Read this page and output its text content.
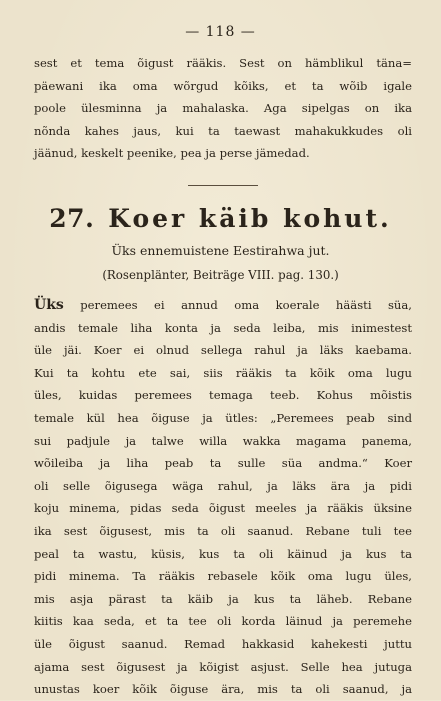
— 118 —
sest et tema õigust rääkis. Sest on hämblikul täna=
päewani ika oma wõrgud kõiks, et ta wõib igale
poole ülesminna ja mahalaskа. Aga sipelgas on ika
nõnda kahes jaus, kui ta taewast mahakukkudes oli
jäänud, keskelt peenike, pea ja perse jämedad.
27. Koer käib kohut.
Üks ennemuistene Eestirahwa jut.
(Rosenplänter, Beiträge VIII. pag. 130.)
Üks peremees ei annud oma koerale häästi süa,
andis temale liha konta ja seda leiba, mis inimestest
üle jäi. Koer ei olnud sellega rahul ja läks kaebama.
Kui ta kohtu ete sai, siis rääkis ta kõik oma lugu
üles, kuidas peremees temaga teeb. Kohus mõistis
temale kül hea õiguse ja ütles: „Peremees peab sind
sui padjule ja talwe willa wakka magama panema,
wõileiba ja liha peab ta sulle süa andma.“ Koer
oli selle õigusega wäga rahul, ja läks ära ja pidi
koju minema, pidas seda õigust meeles ja rääkis üksine
ika sest õigusest, mis ta oli saanud. Rebane tuli tee
peal ta wastu, küsis, kus ta oli käinud ja kus ta
pidi minema. Ta rääkis rebasele kõik oma lugu üles,
mis asja pärast ta käib ja kus ta läheb. Rebane
kiitis kaa seda, et ta tee oli korda läinud ja peremehe
üle õigust saanud. Remad hakkasid kahekesti juttu
ajama sest õigusest ja kõigist asjust. Selle hea jutuga
unustas koer kõik õiguse ära, mis ta oli saanud, ja
